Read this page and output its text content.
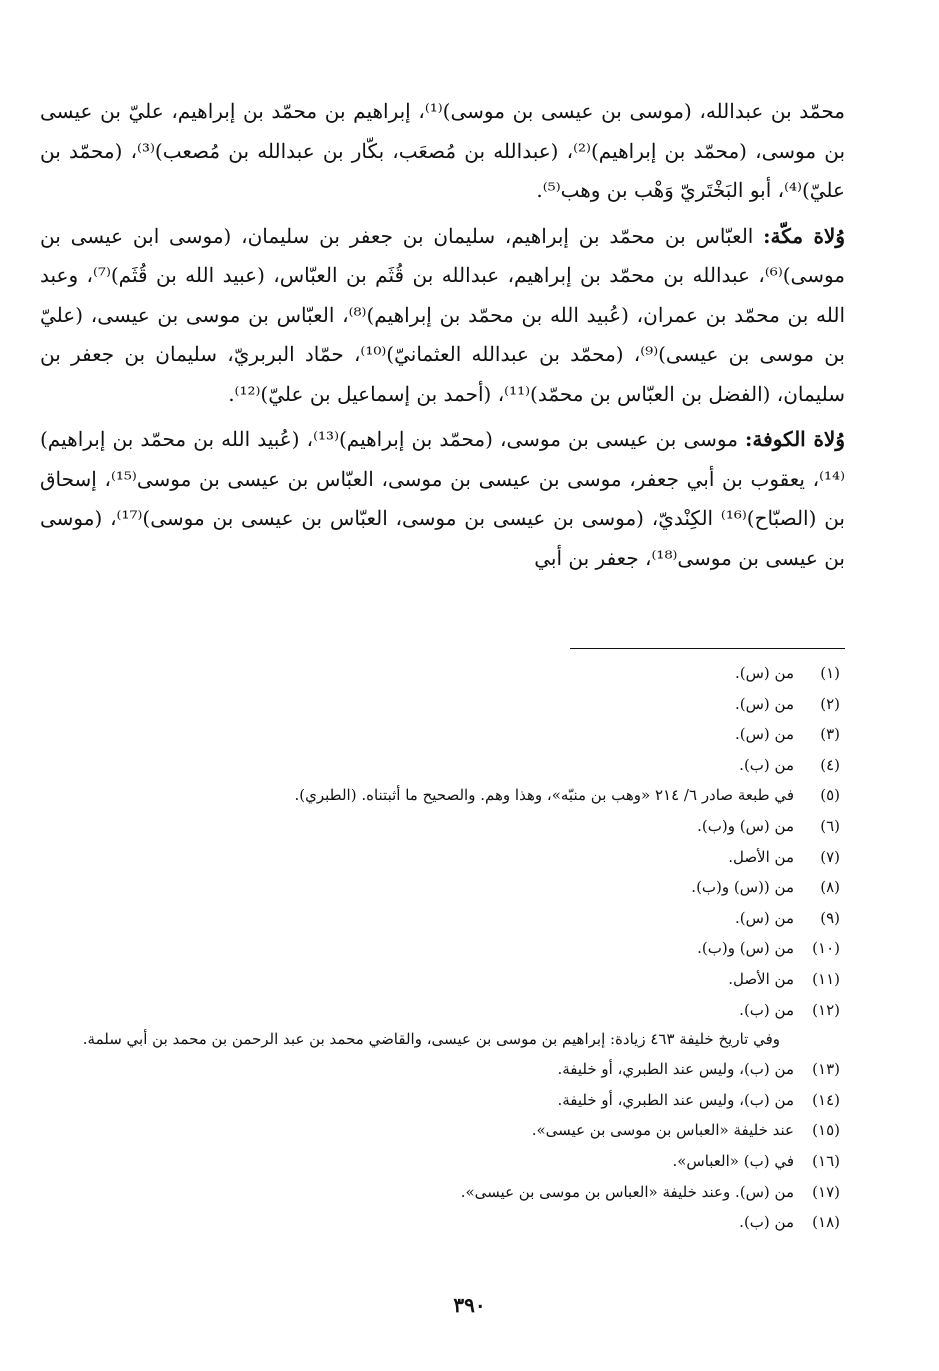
محمّد بن عبدالله، (موسى بن عيسى بن موسى)⁽¹⁾، إبراهيم بن محمّد بن إبراهيم، عليّ بن عيسى بن موسى، (محمّد بن إبراهيم)⁽²⁾، (عبدالله بن مُصعَب، بكّار بن عبدالله بن مُصعب)⁽³⁾، (محمّد بن عليّ)⁽⁴⁾، أبو البَخْتَريّ وَهْب بن وهب⁽⁵⁾.

وُلاة مكّة: العبّاس بن محمّد بن إبراهيم، سليمان بن جعفر بن سليمان، (موسى ابن عيسى بن موسى)⁽⁶⁾، عبدالله بن محمّد بن إبراهيم، عبدالله بن قُثَم بن العبّاس، (عبيد الله بن قُثَم)⁽⁷⁾، وعبد الله بن محمّد بن عمران، (عُبيد الله بن محمّد بن إبراهيم)⁽⁸⁾، العبّاس بن موسى بن عيسى، (عليّ بن موسى بن عيسى)⁽⁹⁾، (محمّد بن عبدالله العثمانيّ)⁽¹⁰⁾، حمّاد البربريّ، سليمان بن جعفر بن سليمان، (الفضل بن العبّاس بن محمّد)⁽¹¹⁾، (أحمد بن إسماعيل بن عليّ)⁽¹²⁾.

وُلاة الكوفة: موسى بن عيسى بن موسى، (محمّد بن إبراهيم)⁽¹³⁾، (عُبيد الله بن محمّد بن إبراهيم)⁽¹⁴⁾، يعقوب بن أبي جعفر، موسى بن عيسى بن موسى، العبّاس بن عيسى بن موسى⁽¹⁵⁾، إسحاق بن (الصبّاح)⁽¹⁶⁾ الكِنْديّ، (موسى بن عيسى بن موسى، العبّاس بن عيسى بن موسى)⁽¹⁷⁾، (موسى بن عيسى بن موسى⁽¹⁸⁾، جعفر بن أبي

(١)
من (س).
(٢)
من (س).
(٣)
من (س).
(٤)
من (ب).
(٥)
في طبعة صادر ٦/ ٢١٤ «وهب بن منبّه»، وهذا وهم. والصحيح ما أثبتناه. (الطبري).
(٦)
من (س) و(ب).
(٧)
من الأصل.
(٨)
من ((س) و(ب).
(٩)
من (س).
(١٠)
من (س) و(ب).
(١١)
من الأصل.
(١٢)
من (ب).
وفي تاريخ خليفة ٤٦٣ زيادة: إبراهيم بن موسى بن عيسى، والقاضي محمد بن عبد الرحمن بن محمد بن أبي سلمة.
(١٣)
من (ب)، وليس عند الطبري، أو خليفة.
(١٤)
من (ب)، وليس عند الطبري، أو خليفة.
(١٥)
عند خليفة «العباس بن موسى بن عيسى».
(١٦)
في (ب) «العباس».
(١٧)
من (س). وعند خليفة «العباس بن موسى بن عيسى».
(١٨)
من (ب).
٣٩٠
